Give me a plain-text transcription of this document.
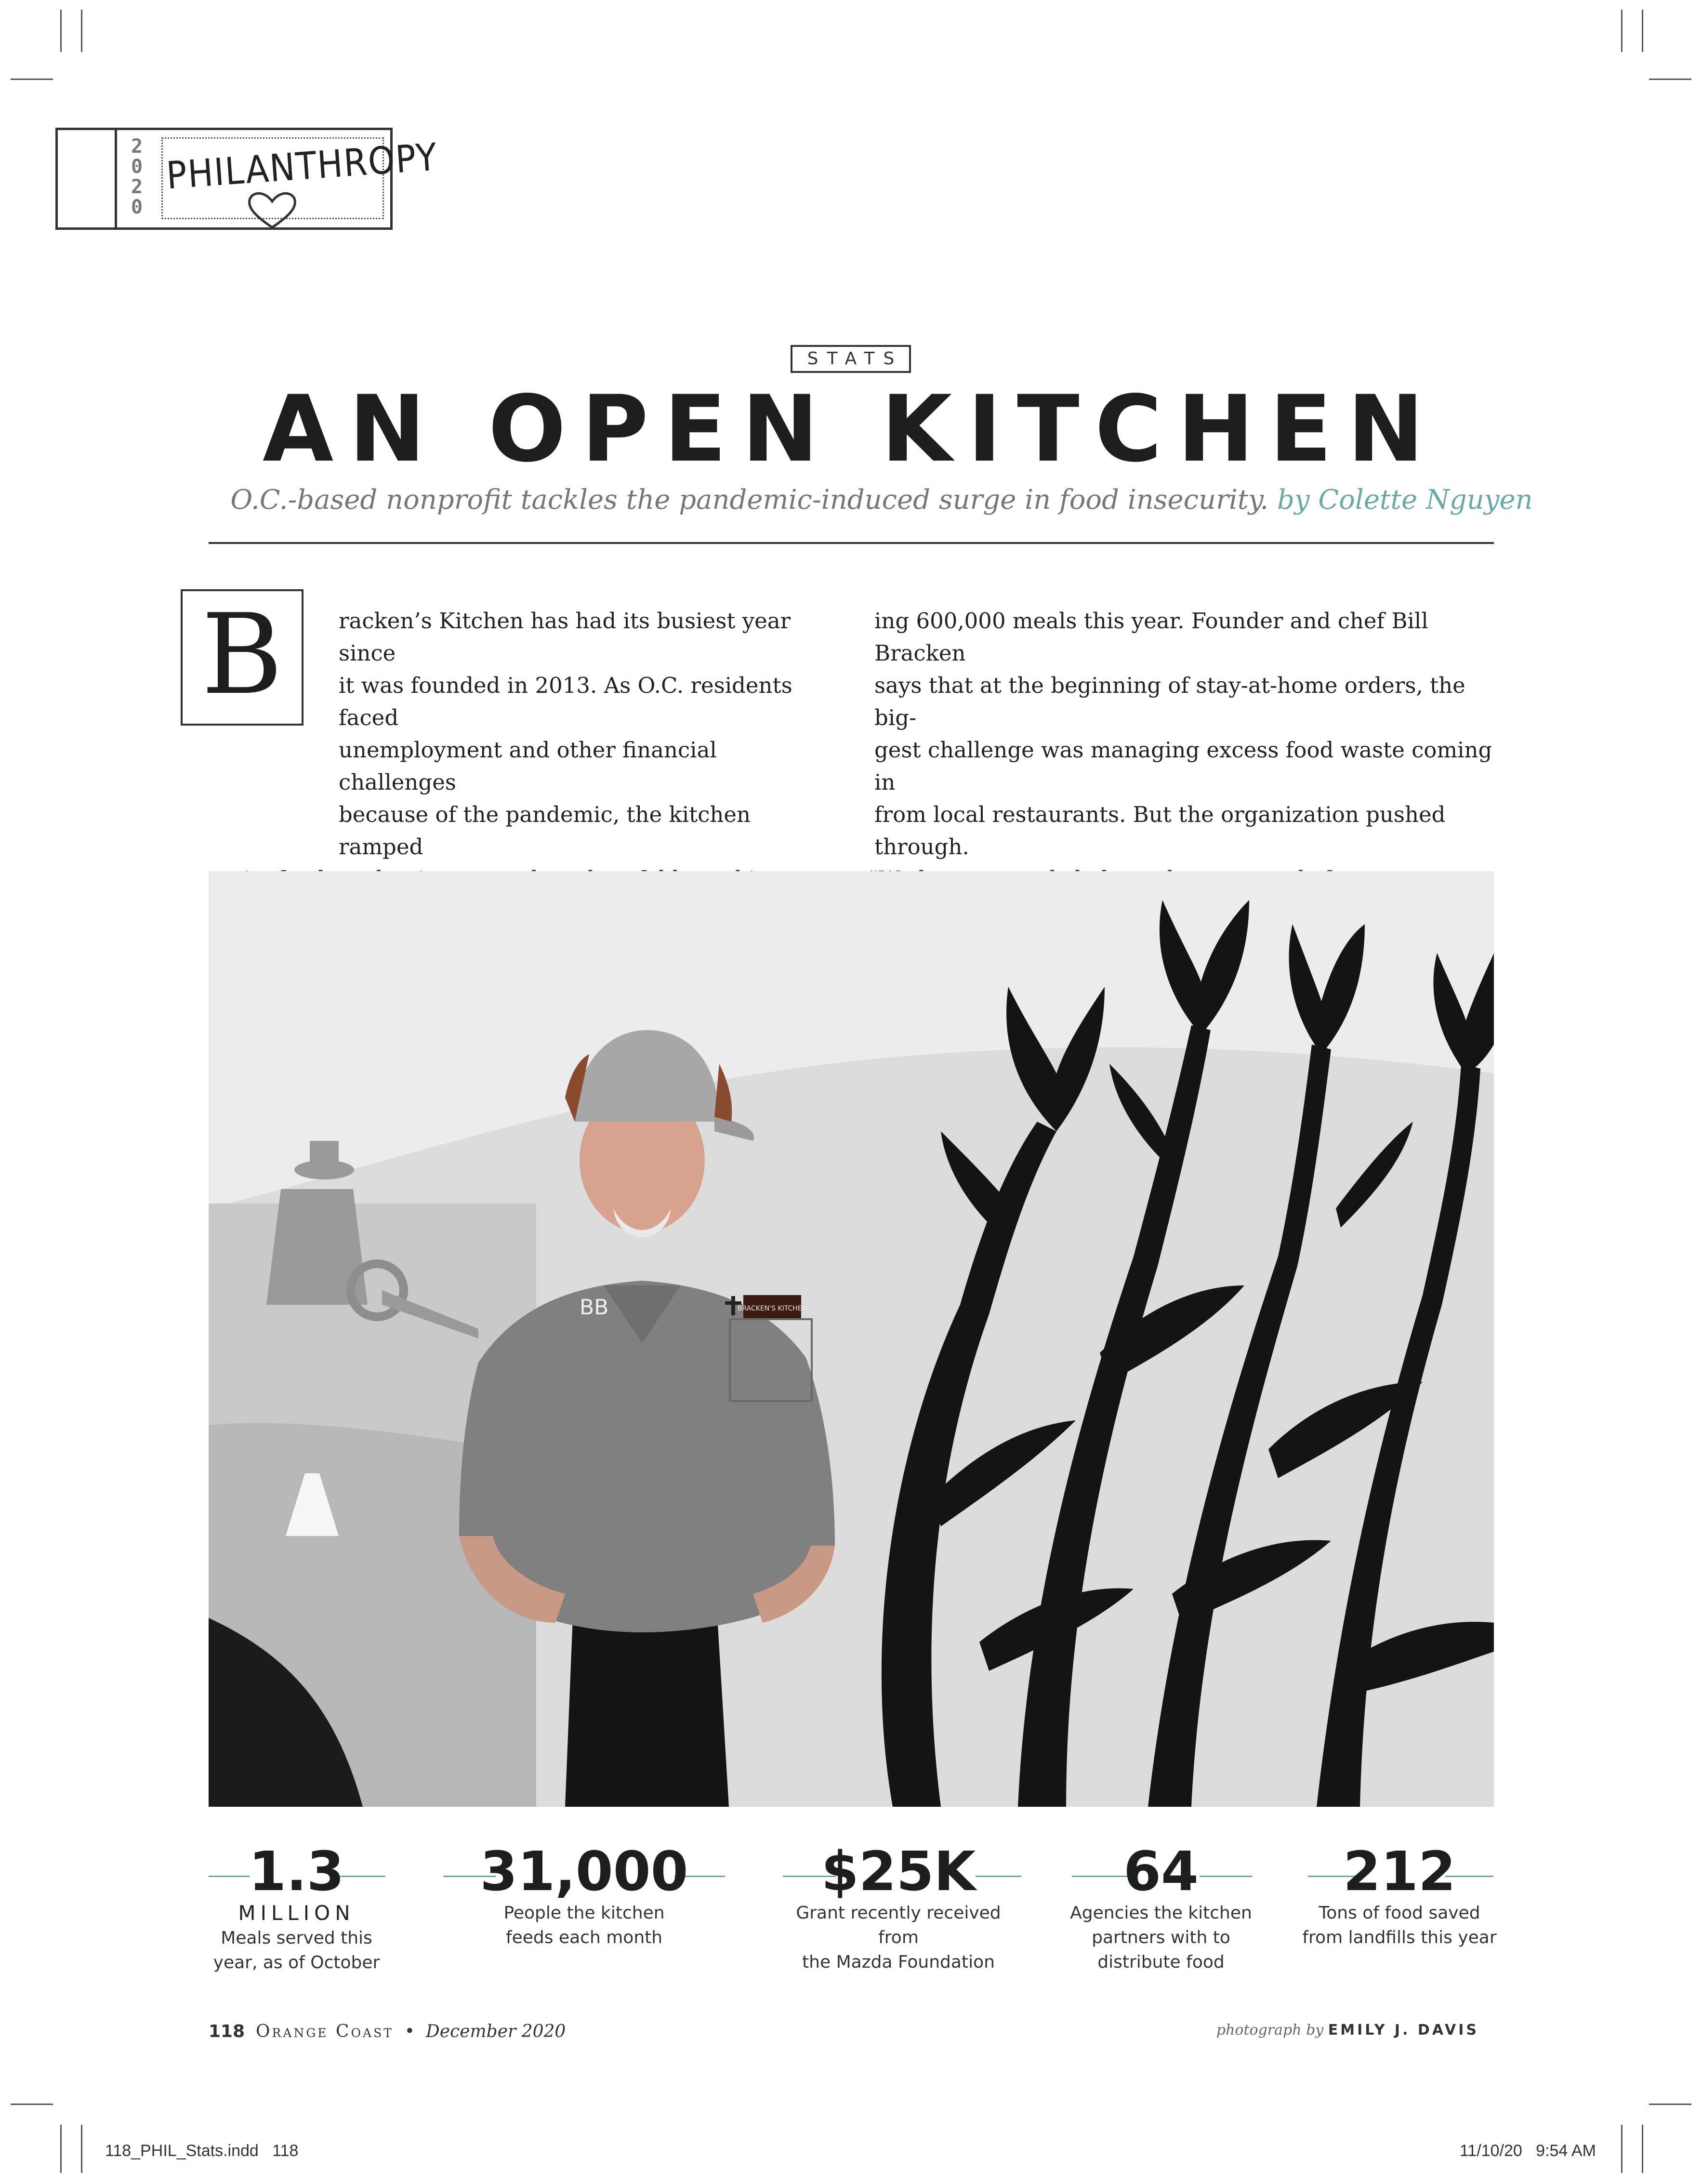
2
0
2
0
PHILANTHROPY
STATS
AN OPEN KITCHEN
O.C.-based nonprofit tackles the pandemic-induced surge in food insecurity. by Colette Nguyen
B	racken’s Kitchen has had its busiest year since
it was founded in 2013. As O.C. residents faced
unemployment and other financial challenges
because of the pandemic, the kitchen ramped
ing 600,000 meals this year. Founder and chef Bill Bracken
says that at the beginning of stay-at-home orders, the big-
gest challenge was managing excess food waste coming in
from local restaurants. But the organization pushed through.
BB	BRACKEN'S KITCHEN
1.3
MILLION
Meals served this
year, as of October
31,000
People the kitchen
feeds each month
$25K
Grant recently received from
the Mazda Foundation
64
Agencies the kitchen
partners with to
distribute food
212
Tons of food saved
from landfills this year
118 Orange Coast • December 2020	photograph by EMILY J. DAVIS
118_PHIL_Stats.indd   118	11/10/20   9:54 AM
